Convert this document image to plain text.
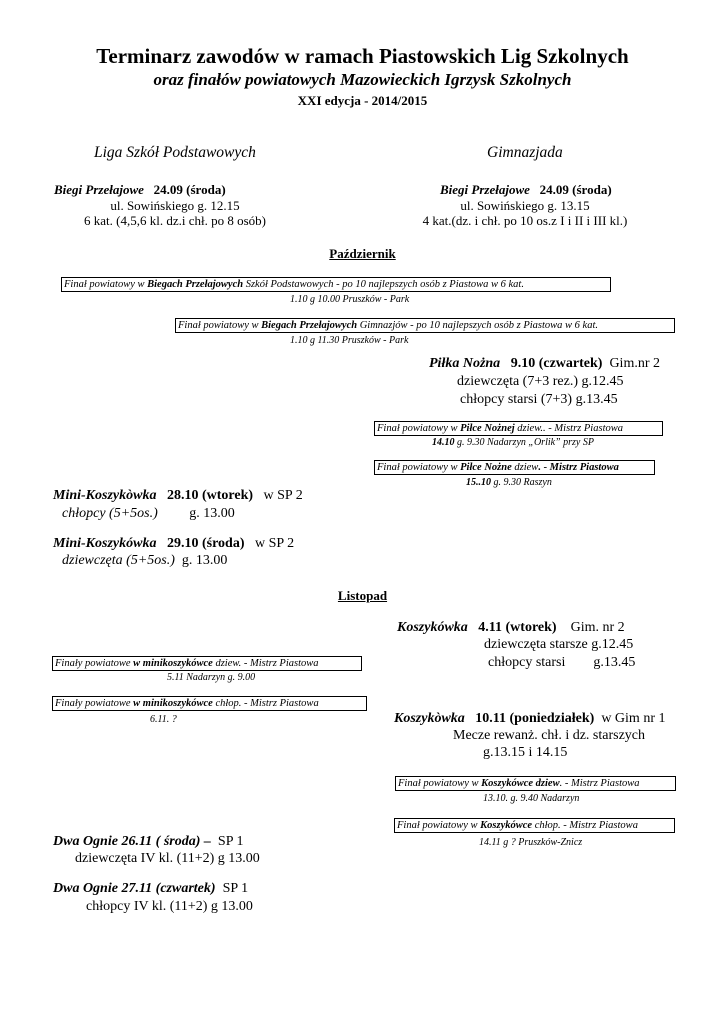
Terminarz zawodów w ramach Piastowskich Lig Szkolnych
oraz finałów powiatowych Mazowieckich Igrzysk Szkolnych
XXI edycja - 2014/2015
Liga Szkół Podstawowych	Gimnazjada
Biegi Przełajowe 24.09 (środa)
ul. Sowińskiego g. 12.15
6 kat. (4,5,6 kl. dz.i chł. po 8 osób)
Biegi Przełajowe 24.09 (środa)
ul. Sowińskiego g. 13.15
4 kat.(dz. i chł. po 10 os.z I i II i III kl.)
Październik
Finał powiatowy w Biegach Przełajowych Szkół Podstawowych - po 10 najlepszych osób z Piastowa w 6 kat.
1.10 g 10.00 Pruszków - Park
Finał powiatowy w Biegach Przełajowych Gimnazjów - po 10 najlepszych osób z Piastowa w 6 kat.
1.10 g 11.30 Pruszków - Park
Piłka Nożna 9.10 (czwartek) Gim.nr 2
dziewczęta (7+3 rez.) g.12.45
chłopcy starsi (7+3) g.13.45
Finał powiatowy w Piłce Nożnej dziew.. - Mistrz Piastowa
14.10 g. 9.30 Nadarzyn „Orlik” przy SP
Finał powiatowy w Piłce Nożne dziew. - Mistrz Piastowa
15..10 g. 9.30 Raszyn
Mini-Koszykòwka 28.10 (wtorek) w SP 2
chłopcy (5+5os.) g. 13.00
Mini-Koszykówka 29.10 (środa) w SP 2
dziewczęta (5+5os.) g. 13.00
Listopad
Koszykówka 4.11 (wtorek) Gim. nr 2
dziewczęta starsze g.12.45
chłopcy starsi g.13.45
Finały powiatowe w minikoszykówce dziew. - Mistrz Piastowa
5.11 Nadarzyn g. 9.00
Finały powiatowe w minikoszykówce chłop. - Mistrz Piastowa
6.11. ?	Koszykòwka 10.11 (poniedziałek) w Gim nr 1
Mecze rewanż. chł. i dz. starszych
g.13.15 i 14.15
Finał powiatowy w Koszykówce dziew. - Mistrz Piastowa
13.10. g. 9.40 Nadarzyn
Finał powiatowy w Koszykówce chłop. - Mistrz Piastowa
14.11 g ? Pruszków-Znicz
Dwa Ognie 26.11 ( środa) – SP 1
dziewczęta IV kl. (11+2) g 13.00
Dwa Ognie 27.11 (czwartek) SP 1
chłopcy IV kl. (11+2) g 13.00
